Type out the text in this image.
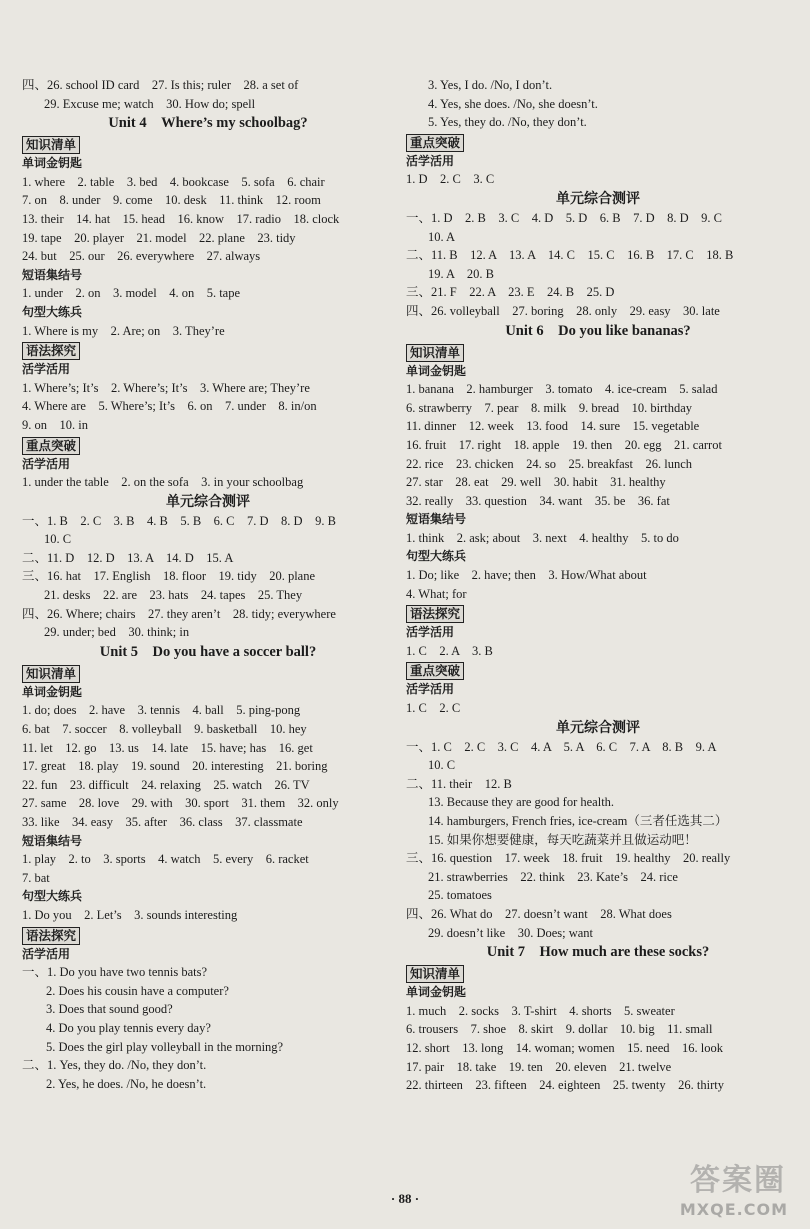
四、26. school ID card　27. Is this; ruler　28. a set of
29. Excuse me; watch　30. How do; spell
Unit 4　Where’s my schoolbag?
知识清单
单词金钥匙
1. where　2. table　3. bed　4. bookcase　5. sofa　6. chair
7. on　8. under　9. come　10. desk　11. think　12. room
13. their　14. hat　15. head　16. know　17. radio　18. clock
19. tape　20. player　21. model　22. plane　23. tidy
24. but　25. our　26. everywhere　27. always
短语集结号
1. under　2. on　3. model　4. on　5. tape
句型大练兵
1. Where is my　2. Are; on　3. They’re
语法探究
活学活用
1. Where’s; It’s　2. Where’s; It’s　3. Where are; They’re
4. Where are　5. Where’s; It’s　6. on　7. under　8. in/on
9. on　10. in
重点突破
活学活用
1. under the table　2. on the sofa　3. in your schoolbag
单元综合测评
一、1. B　2. C　3. B　4. B　5. B　6. C　7. D　8. D　9. B
10. C
二、11. D　12. D　13. A　14. D　15. A
三、16. hat　17. English　18. floor　19. tidy　20. plane
21. desks　22. are　23. hats　24. tapes　25. They
四、26. Where; chairs　27. they aren’t　28. tidy; everywhere
29. under; bed　30. think; in
Unit 5　Do you have a soccer ball?
知识清单
单词金钥匙
1. do; does　2. have　3. tennis　4. ball　5. ping-pong
6. bat　7. soccer　8. volleyball　9. basketball　10. hey
11. let　12. go　13. us　14. late　15. have; has　16. get
17. great　18. play　19. sound　20. interesting　21. boring
22. fun　23. difficult　24. relaxing　25. watch　26. TV
27. same　28. love　29. with　30. sport　31. them　32. only
33. like　34. easy　35. after　36. class　37. classmate
短语集结号
1. play　2. to　3. sports　4. watch　5. every　6. racket
7. bat
句型大练兵
1. Do you　2. Let’s　3. sounds interesting
语法探究
活学活用
一、1. Do you have two tennis bats?
2. Does his cousin have a computer?
3. Does that sound good?
4. Do you play tennis every day?
5. Does the girl play volleyball in the morning?
二、1. Yes, they do. /No, they don’t.
2. Yes, he does. /No, he doesn’t.
3. Yes, I do. /No, I don’t.
4. Yes, she does. /No, she doesn’t.
5. Yes, they do. /No, they don’t.
重点突破
活学活用
1. D　2. C　3. C
单元综合测评
一、1. D　2. B　3. C　4. D　5. D　6. B　7. D　8. D　9. C
10. A
二、11. B　12. A　13. A　14. C　15. C　16. B　17. C　18. B
19. A　20. B
三、21. F　22. A　23. E　24. B　25. D
四、26. volleyball　27. boring　28. only　29. easy　30. late
Unit 6　Do you like bananas?
知识清单
单词金钥匙
1. banana　2. hamburger　3. tomato　4. ice-cream　5. salad
6. strawberry　7. pear　8. milk　9. bread　10. birthday
11. dinner　12. week　13. food　14. sure　15. vegetable
16. fruit　17. right　18. apple　19. then　20. egg　21. carrot
22. rice　23. chicken　24. so　25. breakfast　26. lunch
27. star　28. eat　29. well　30. habit　31. healthy
32. really　33. question　34. want　35. be　36. fat
短语集结号
1. think　2. ask; about　3. next　4. healthy　5. to do
句型大练兵
1. Do; like　2. have; then　3. How/What about
4. What; for
语法探究
活学活用
1. C　2. A　3. B
重点突破
活学活用
1. C　2. C
单元综合测评
一、1. C　2. C　3. C　4. A　5. A　6. C　7. A　8. B　9. A
10. C
二、11. their　12. B
13. Because they are good for health.
14. hamburgers, French fries, ice-cream（三者任选其二）
15. 如果你想要健康，每天吃蔬菜并且做运动吧！
三、16. question　17. week　18. fruit　19. healthy　20. really
21. strawberries　22. think　23. Kate’s　24. rice
25. tomatoes
四、26. What do　27. doesn’t want　28. What does
29. doesn’t like　30. Does; want
Unit 7　How much are these socks?
知识清单
单词金钥匙
1. much　2. socks　3. T-shirt　4. shorts　5. sweater
6. trousers　7. shoe　8. skirt　9. dollar　10. big　11. small
12. short　13. long　14. woman; women　15. need　16. look
17. pair　18. take　19. ten　20. eleven　21. twelve
22. thirteen　23. fifteen　24. eighteen　25. twenty　26. thirty
· 88 ·
答案圈
MXQE.COM
